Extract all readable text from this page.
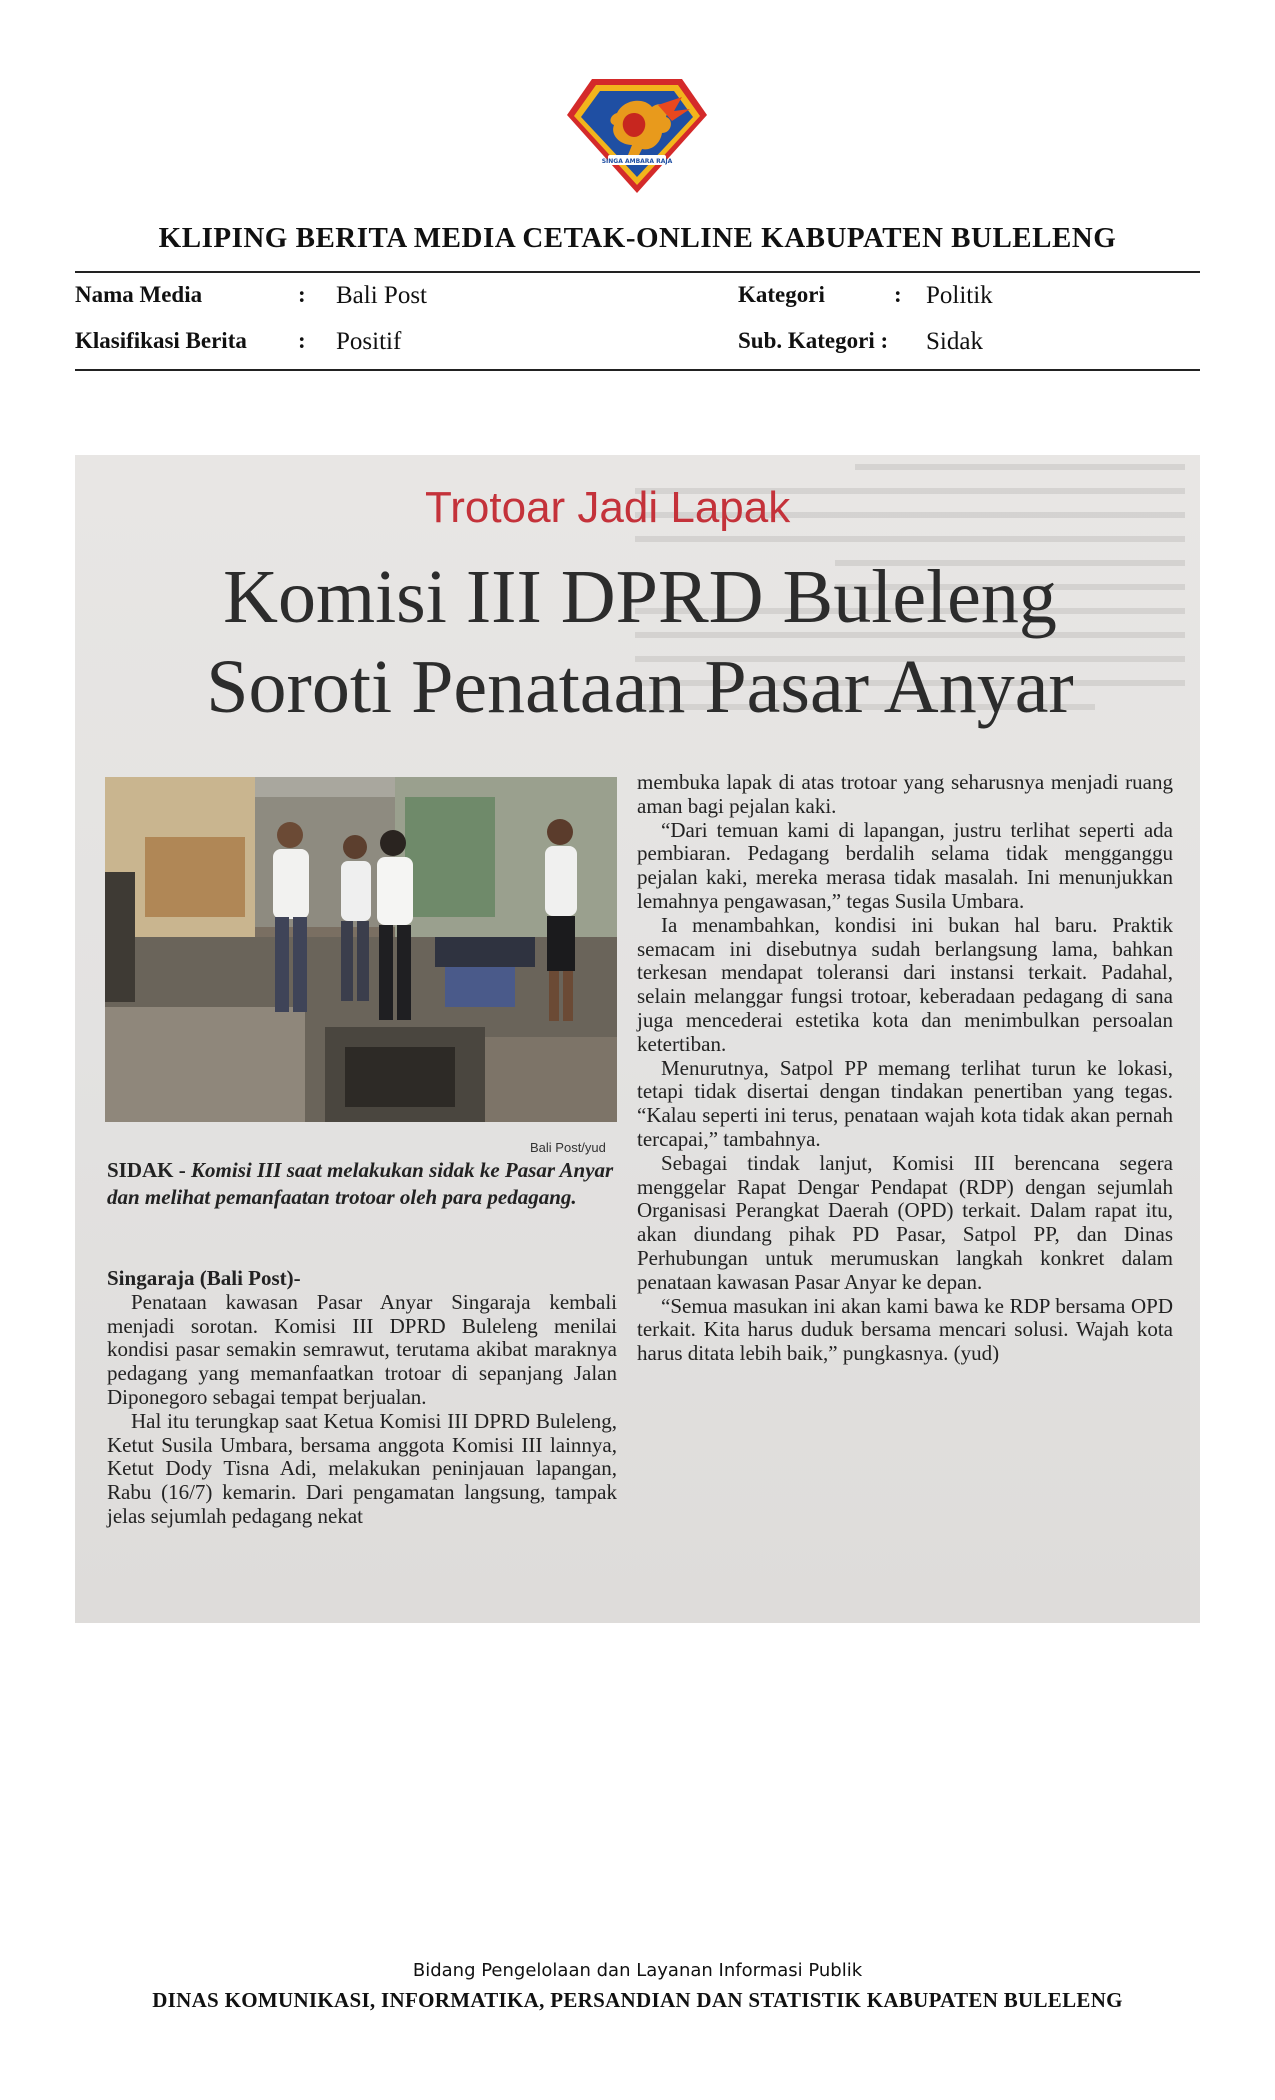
SINGA AMBARA RAJA
KLIPING BERITA MEDIA CETAK-ONLINE KABUPATEN BULELENG
Nama Media	: Bali Post	Kategori	: Politik
Klasifikasi Berita : Positif	Sub. Kategori : Sidak
Trotoar Jadi Lapak
Komisi III DPRD Buleleng
Soroti Penataan Pasar Anyar
Bali Post/yud
SIDAK - Komisi III saat melakukan sidak ke Pasar Anyar dan melihat pemanfaatan trotoar oleh para pedagang.

Singaraja (Bali Post)-

Penataan kawasan Pasar Anyar Singaraja kembali menjadi sorotan. Komisi III DPRD Buleleng menilai kondisi pasar semakin semrawut, terutama akibat maraknya pedagang yang memanfaatkan trotoar di sepanjang Jalan Diponegoro sebagai tempat berjualan.

Hal itu terungkap saat Ketua Komisi III DPRD Buleleng, Ketut Susila Umbara, bersama anggota Komisi III lainnya, Ketut Dody Tisna Adi, melakukan peninjauan lapangan, Rabu (16/7) kemarin. Dari pengamatan langsung, tampak jelas sejumlah pedagang nekat

membuka lapak di atas trotoar yang seharusnya menjadi ruang aman bagi pejalan kaki.

“Dari temuan kami di lapangan, justru terlihat seperti ada pembiaran. Pedagang berdalih selama tidak mengganggu pejalan kaki, mereka merasa tidak masalah. Ini menunjukkan lemahnya pengawasan,” tegas Susila Umbara.

Ia menambahkan, kondisi ini bukan hal baru. Praktik semacam ini disebutnya sudah berlangsung lama, bahkan terkesan mendapat toleransi dari instansi terkait. Padahal, selain melanggar fungsi trotoar, keberadaan pedagang di sana juga mencederai estetika kota dan menimbulkan persoalan ketertiban.

Menurutnya, Satpol PP memang terlihat turun ke lokasi, tetapi tidak disertai dengan tindakan penertiban yang tegas. “Kalau seperti ini terus, penataan wajah kota tidak akan pernah tercapai,” tambahnya.

Sebagai tindak lanjut, Komisi III berencana segera menggelar Rapat Dengar Pendapat (RDP) dengan sejumlah Organisasi Perangkat Daerah (OPD) terkait. Dalam rapat itu, akan diundang pihak PD Pasar, Satpol PP, dan Dinas Perhubungan untuk merumuskan langkah konkret dalam penataan kawasan Pasar Anyar ke depan.

“Semua masukan ini akan kami bawa ke RDP bersama OPD terkait. Kita harus duduk bersama mencari solusi. Wajah kota harus ditata lebih baik,” pungkasnya. (yud)

Bidang Pengelolaan dan Layanan Informasi Publik
DINAS KOMUNIKASI, INFORMATIKA, PERSANDIAN DAN STATISTIK KABUPATEN BULELENG
